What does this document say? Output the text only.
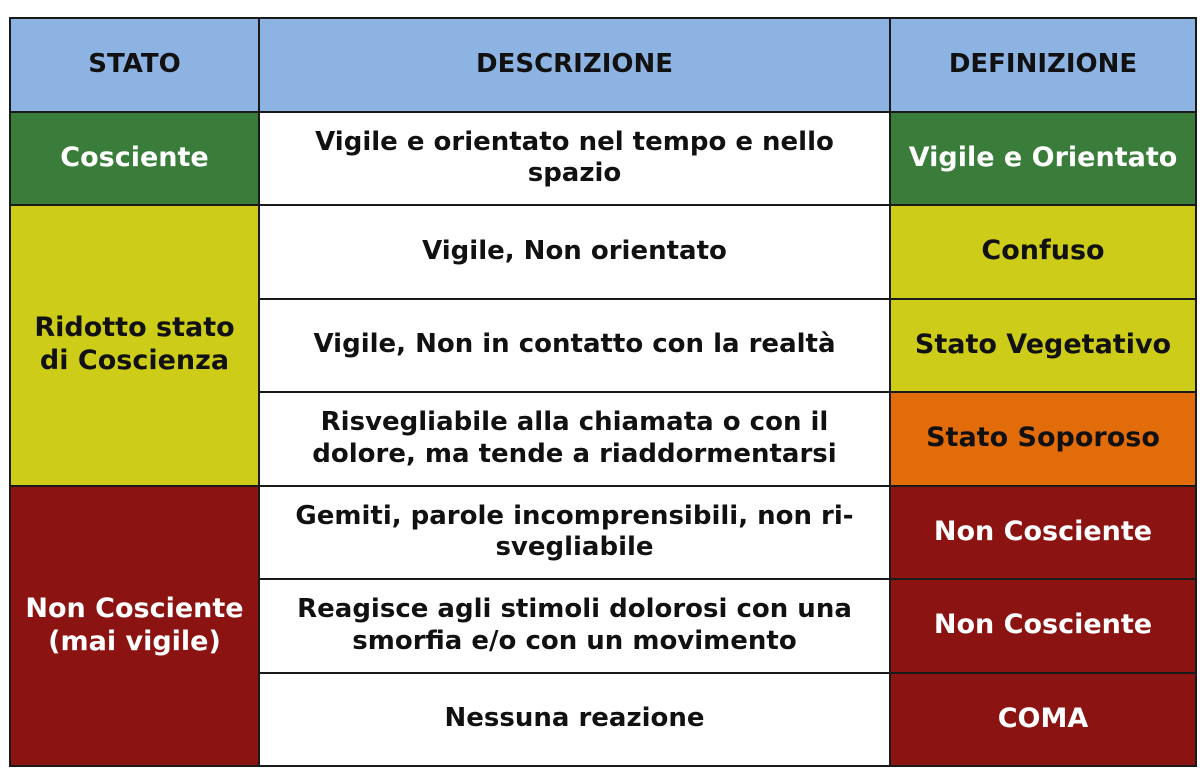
STATO	DESCRIZIONE	DEFINIZIONE
Cosciente	Vigile e orientato nel tempo e nello spazio	Vigile e Orientato
Ridotto stato di Coscienza	Vigile, Non orientato	Confuso
	Vigile, Non in contatto con la realtà	Stato Vegetativo
	Risvegliabile alla chiamata o con il dolore, ma tende a riaddormentarsi	Stato Soporoso
Non Cosciente (mai vigile)	Gemiti, parole incomprensibili, non ri-svegliabile	Non Cosciente
	Reagisce agli stimoli dolorosi con una smorfia e/o con un movimento	Non Cosciente
	Nessuna reazione	COMA
